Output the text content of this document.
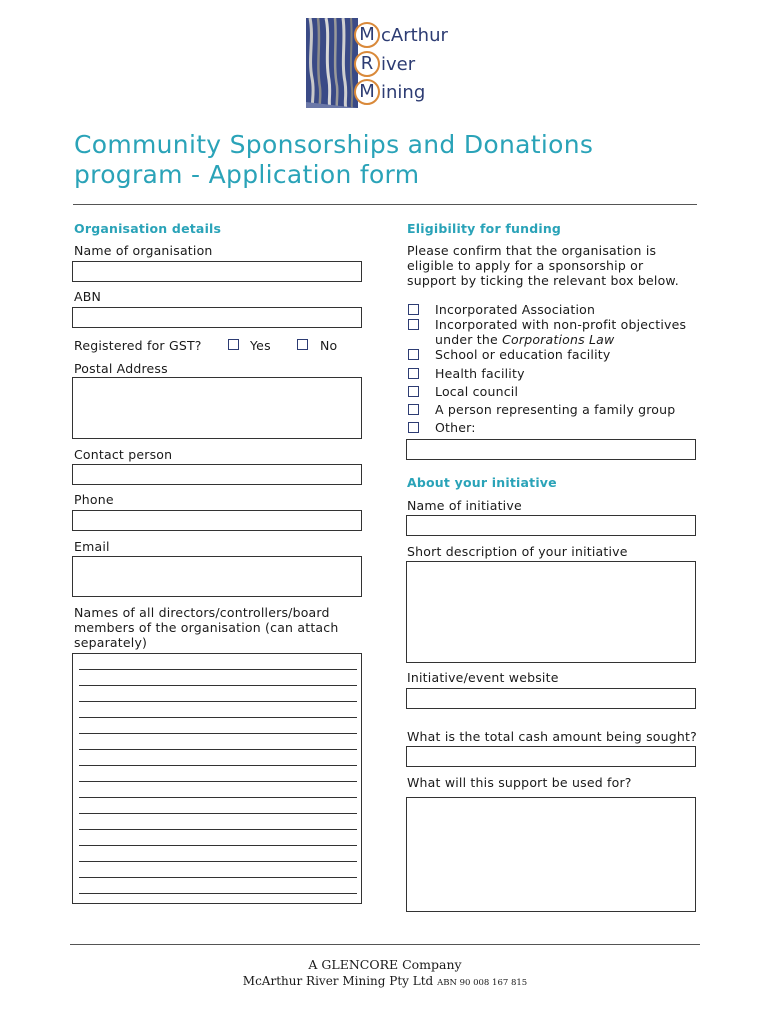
M cArthur
R iver
M ining
Community Sponsorships and Donations
program - Application form
Organisation details
Name of organisation
ABN
Registered for GST?	Yes	No
Postal Address
Contact person
Phone
Email
Names of all directors/controllers/board
members of the organisation (can attach
separately)
Eligibility for funding
Please confirm that the organisation is
eligible to apply for a sponsorship or
support by ticking the relevant box below.
Incorporated Association
Incorporated with non-profit objectives
under the Corporations Law
School or education facility
Health facility
Local council
A person representing a family group
Other:
About your initiative
Name of initiative
Short description of your initiative
Initiative/event website
What is the total cash amount being sought?
What will this support be used for?
A GLENCORE Company
McArthur River Mining Pty Ltd ABN 90 008 167 815
